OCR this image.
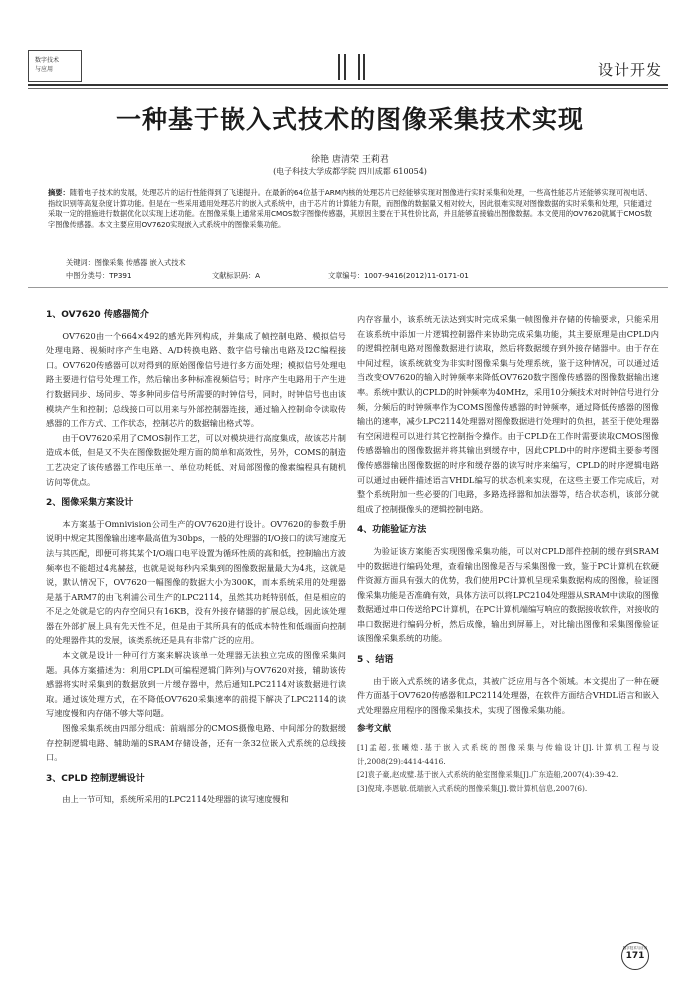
数字技术
与应用	设计开发
一种基于嵌入式技术的图像采集技术实现
徐艳 唐清荣 王莉君
(电子科技大学成都学院 四川成都 610054)
摘要：随着电子技术的发展，处理芯片的运行性能得到了飞速提升。在最新的64位基于ARM内核的处理芯片已经能够实现对图像进行实时采集和处理，一些高性能芯片还能够实现可视电话、指纹识别等高复杂度计算功能。但是在一些采用通用处理芯片的嵌入式系统中，由于芯片的计算能力有限，而图像的数据量又相对较大，因此很难实现对图像数据的实时采集和处理，只能通过采取一定的措施进行数据优化以实现上述功能。在图像采集上通常采用CMOS数字图像传感器，其原因主要在于其性价比高，并且能够直接输出图像数据。本文使用的OV7620就属于CMOS数字图像传感器。本文主要应用OV7620实现嵌入式系统中的图像采集功能。
关键词：图像采集 传感器 嵌入式技术
中图分类号：TP391	文献标识码：A	文章编号：1007-9416(2012)11-0171-01
1、OV7620 传感器简介

OV7620由一个664×492的感光阵列构成，并集成了帧控制电路、模拟信号处理电路、视频时序产生电路、A/D转换电路、数字信号输出电路及I2C编程接口。OV7620传感器可以对得到的原始图像信号进行多方面处理；模拟信号处理电路主要进行信号处理工作，然后输出多种标准视频信号；时序产生电路用于产生进行数据同步、场同步、等多种同步信号所需要的时钟信号，同时，时钟信号也由该模块产生和控制；总线接口可以用来与外部控制器连接，通过输入控制命令读取传感器的工作方式、工作状态，控制芯片的数据输出格式等。

由于OV7620采用了CMOS制作工艺，可以对模块进行高度集成，故该芯片制造成本低，但是又不失在图像数据处理方面的简单和高效性，另外，COMS的制造工艺决定了该传感器工作电压单一、单位功耗低、对局部图像的像素编程具有随机访问等优点。

2、图像采集方案设计

本方案基于Omnivision公司生产的OV7620进行设计。OV7620的参数手册说明中规定其图像输出速率最高值为30bps，一般的处理器的I/O接口的读写速度无法与其匹配，即便可将其某个I/O端口电平设置为循环性质的高和低，控制输出方波频率也不能超过4兆赫兹，也就是说每秒内采集到的图像数据量最大为4兆，这就是说，默认情况下，OV7620一幅图像的数据大小为300K，而本系统采用的处理器是基于ARM7的由飞利浦公司生产的LPC2114，虽然其功耗特别低，但是相应的不足之处就是它的内存空间只有16KB，没有外接存储器的扩展总线，因此该处理器在外部扩展上具有先天性不足，但是由于其所具有的低成本特性和低端面向控制的处理器件其的发展，该类系统还是具有非常广泛的应用。

本文就是设计一种可行方案来解决该单一处理器无法独立完成的图像采集问题。具体方案描述为：利用CPLD(可编程逻辑门阵列)与OV7620对接，辅助该传感器将实时采集到的数据放到一片缓存器中，然后通知LPC2114对该数据进行读取。通过该处理方式，在不降低OV7620采集速率的前提下解决了LPC2114的读写速度慢和内存储不够大等问题。

图像采集系统由四部分组成：前端部分的CMOS摄像电路、中间部分的数据缓存控制逻辑电路、辅助端的SRAM存储设备，还有一条32位嵌入式系统的总线接口。

3、CPLD 控制逻辑设计

由上一节可知，系统所采用的LPC2114处理器的读写速度慢和

内存容量小，该系统无法达到实时完成采集一帧图像并存储的传输要求，只能采用在该系统中添加一片逻辑控制器件来协助完成采集功能，其主要原理是由CPLD内的逻辑控制电路对图像数据进行读取，然后将数据缓存到外接存储器中。由于存在中间过程，该系统就变为非实时图像采集与处理系统，鉴于这种情况，可以通过适当改变OV7620的输入时钟频率来降低OV7620数字图像传感器的图像数据输出速率。系统中默认的CPLD的时钟频率为40MHz，采用10分频技术对时钟信号进行分频，分频后的时钟频率作为COMS图像传感器的时钟频率，通过降低传感器的图像输出的速率，减少LPC2114处理器对图像数据进行处理时的负担，甚至于使处理器有空闲进程可以进行其它控制指令操作。由于CPLD在工作时需要读取CMOS图像传感器输出的图像数据并将其输出到缓存中，因此CPLD中的时序逻辑主要参考图像传感器输出图像数据的时序和缓存器的读写时序来编写，CPLD的时序逻辑电路可以通过由硬件描述语言VHDL编写的状态机来实现，在这些主要工作完成后，对整个系统附加一些必要的门电路，多路选择器和加法器等，结合状态机，该部分就组成了控制摄像头的逻辑控制电路。

4、功能验证方法

为验证该方案能否实现图像采集功能，可以对CPLD部件控制的缓存到SRAM中的数据进行编码处理，查看输出图像是否与采集图像一致，鉴于PC计算机在软硬件资源方面具有强大的优势，我们使用PC计算机呈现采集数据构成的图像，验证图像采集功能是否准确有效，具体方法可以将LPC2104处理器从SRAM中读取的图像数据通过串口传送给PC计算机，在PC计算机端编写响应的数据接收软件，对接收的串口数据进行编码分析，然后成像，输出到屏幕上，对比输出图像和采集图像验证该图像采集系统的功能。

5 、结语

由于嵌入式系统的诸多优点，其被广泛应用与各个领域。本文提出了一种在硬件方面基于OV7620传感器和LPC2114处理器，在软件方面结合VHDL语言和嵌入式处理器应用程序的图像采集技术，实现了图像采集功能。

参考文献

[1]孟超,张曦煌.基于嵌入式系统的图像采集与传输设计[J].计算机工程与设计,2008(29):4414-4416.

[2]袁子豪,赵成璧.基于嵌入式系统的舱室图像采集[J].广东造船,2007(4):39-42.

[3]倪琦,李恩敏.低端嵌入式系统的图像采集[J].微计算机信息,2007(6).

数字技术与应用
171
